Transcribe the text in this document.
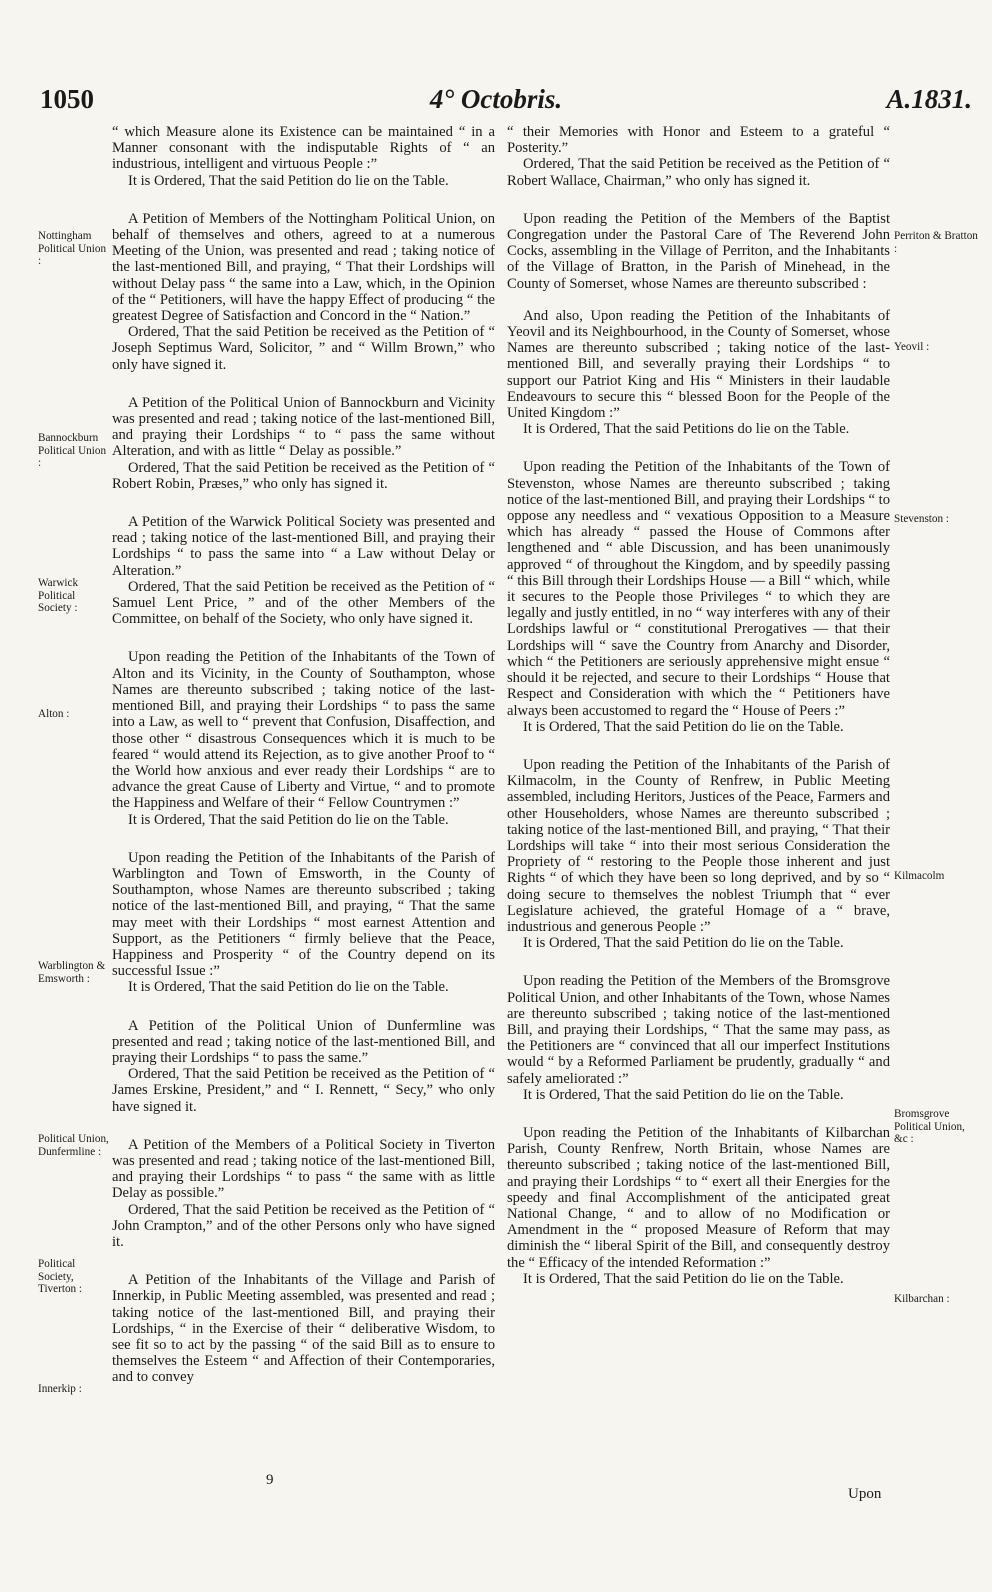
1050	4° Octobris.	A.1831.

“ which Measure alone its Existence can be maintained “ in a Manner consonant with the indisputable Rights of “ an industrious, intelligent and virtuous People :”

It is Ordered, That the said Petition do lie on the Table.

A Petition of Members of the Nottingham Political Union, on behalf of themselves and others, agreed to at a numerous Meeting of the Union, was presented and read ; taking notice of the last-mentioned Bill, and praying, “ That their Lordships will without Delay pass “ the same into a Law, which, in the Opinion of the “ Petitioners, will have the happy Effect of producing “ the greatest Degree of Satisfaction and Concord in the “ Nation.”

Ordered, That the said Petition be received as the Petition of “ Joseph Septimus Ward, Solicitor, ” and “ Willm Brown,” who only have signed it.

A Petition of the Political Union of Bannockburn and Vicinity was presented and read ; taking notice of the last-mentioned Bill, and praying their Lordships “ to “ pass the same without Alteration, and with as little “ Delay as possible.”

Ordered, That the said Petition be received as the Petition of “ Robert Robin, Præses,” who only has signed it.

A Petition of the Warwick Political Society was presented and read ; taking notice of the last-mentioned Bill, and praying their Lordships “ to pass the same into “ a Law without Delay or Alteration.”

Ordered, That the said Petition be received as the Petition of “ Samuel Lent Price, ” and of the other Members of the Committee, on behalf of the Society, who only have signed it.

Upon reading the Petition of the Inhabitants of the Town of Alton and its Vicinity, in the County of Southampton, whose Names are thereunto subscribed ; taking notice of the last-mentioned Bill, and praying their Lordships “ to pass the same into a Law, as well to “ prevent that Confusion, Disaffection, and those other “ disastrous Consequences which it is much to be feared “ would attend its Rejection, as to give another Proof to “ the World how anxious and ever ready their Lordships “ are to advance the great Cause of Liberty and Virtue, “ and to promote the Happiness and Welfare of their “ Fellow Countrymen :”

It is Ordered, That the said Petition do lie on the Table.

Upon reading the Petition of the Inhabitants of the Parish of Warblington and Town of Emsworth, in the County of Southampton, whose Names are thereunto subscribed ; taking notice of the last-mentioned Bill, and praying, “ That the same may meet with their Lordships “ most earnest Attention and Support, as the Petitioners “ firmly believe that the Peace, Happiness and Prosperity “ of the Country depend on its successful Issue :”

It is Ordered, That the said Petition do lie on the Table.

A Petition of the Political Union of Dunfermline was presented and read ; taking notice of the last-mentioned Bill, and praying their Lordships “ to pass the same.”

Ordered, That the said Petition be received as the Petition of “ James Erskine, President,” and “ I. Rennett, “ Secy,” who only have signed it.

A Petition of the Members of a Political Society in Tiverton was presented and read ; taking notice of the last-mentioned Bill, and praying their Lordships “ to pass “ the same with as little Delay as possible.”

Ordered, That the said Petition be received as the Petition of “ John Crampton,” and of the other Persons only who have signed it.

A Petition of the Inhabitants of the Village and Parish of Innerkip, in Public Meeting assembled, was presented and read ; taking notice of the last-mentioned Bill, and praying their Lordships, “ in the Exercise of their “ deliberative Wisdom, to see fit so to act by the passing “ of the said Bill as to ensure to themselves the Esteem “ and Affection of their Contemporaries, and to convey

Nottingham Political Union :
Bannockburn Political Union :
Warwick Political Society :
Alton :
Warblington & Emsworth :
Political Union, Dunfermline :
Political Society, Tiverton :
Innerkip :

“ their Memories with Honor and Esteem to a grateful “ Posterity.”

Ordered, That the said Petition be received as the Petition of “ Robert Wallace, Chairman,” who only has signed it.

Upon reading the Petition of the Members of the Baptist Congregation under the Pastoral Care of The Reverend John Cocks, assembling in the Village of Perriton, and the Inhabitants of the Village of Bratton, in the Parish of Minehead, in the County of Somerset, whose Names are thereunto subscribed :

And also, Upon reading the Petition of the Inhabitants of Yeovil and its Neighbourhood, in the County of Somerset, whose Names are thereunto subscribed ; taking notice of the last-mentioned Bill, and severally praying their Lordships “ to support our Patriot King and His “ Ministers in their laudable Endeavours to secure this “ blessed Boon for the People of the United Kingdom :”

It is Ordered, That the said Petitions do lie on the Table.

Upon reading the Petition of the Inhabitants of the Town of Stevenston, whose Names are thereunto subscribed ; taking notice of the last-mentioned Bill, and praying their Lordships “ to oppose any needless and “ vexatious Opposition to a Measure which has already “ passed the House of Commons after lengthened and “ able Discussion, and has been unanimously approved “ of throughout the Kingdom, and by speedily passing “ this Bill through their Lordships House — a Bill “ which, while it secures to the People those Privileges “ to which they are legally and justly entitled, in no “ way interferes with any of their Lordships lawful or “ constitutional Prerogatives — that their Lordships will “ save the Country from Anarchy and Disorder, which “ the Petitioners are seriously apprehensive might ensue “ should it be rejected, and secure to their Lordships “ House that Respect and Consideration with which the “ Petitioners have always been accustomed to regard the “ House of Peers :”

It is Ordered, That the said Petition do lie on the Table.

Upon reading the Petition of the Inhabitants of the Parish of Kilmacolm, in the County of Renfrew, in Public Meeting assembled, including Heritors, Justices of the Peace, Farmers and other Householders, whose Names are thereunto subscribed ; taking notice of the last-mentioned Bill, and praying, “ That their Lordships will take “ into their most serious Consideration the Propriety of “ restoring to the People those inherent and just Rights “ of which they have been so long deprived, and by so “ doing secure to themselves the noblest Triumph that “ ever Legislature achieved, the grateful Homage of a “ brave, industrious and generous People :”

It is Ordered, That the said Petition do lie on the Table.

Upon reading the Petition of the Members of the Bromsgrove Political Union, and other Inhabitants of the Town, whose Names are thereunto subscribed ; taking notice of the last-mentioned Bill, and praying their Lordships, “ That the same may pass, as the Petitioners are “ convinced that all our imperfect Institutions would “ by a Reformed Parliament be prudently, gradually “ and safely ameliorated :”

It is Ordered, That the said Petition do lie on the Table.

Upon reading the Petition of the Inhabitants of Kilbarchan Parish, County Renfrew, North Britain, whose Names are thereunto subscribed ; taking notice of the last-mentioned Bill, and praying their Lordships “ to “ exert all their Energies for the speedy and final Accomplishment of the anticipated great National Change, “ and to allow of no Modification or Amendment in the “ proposed Measure of Reform that may diminish the “ liberal Spirit of the Bill, and consequently destroy the “ Efficacy of the intended Reformation :”

It is Ordered, That the said Petition do lie on the Table.

Perriton & Bratton :
Yeovil :
Stevenston :
Kilmacolm
Bromsgrove Political Union, &c :
Kilbarchan :
9
Upon
